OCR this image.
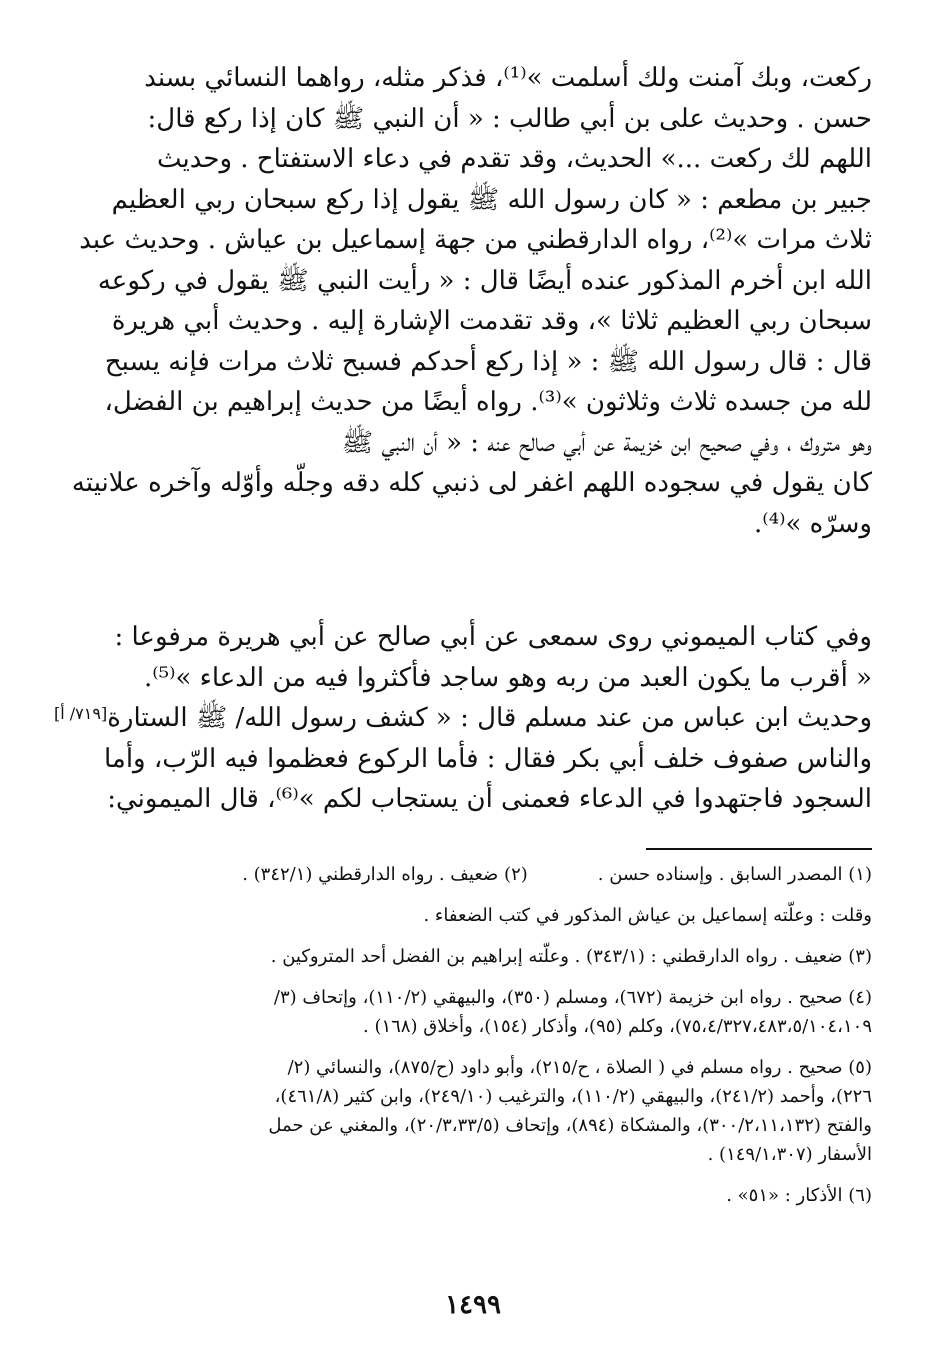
ركعت، وبك آمنت ولك أسلمت »⁽¹⁾، فذكر مثله، رواهما النسائي بسند
حسن . وحديث على بن أبي طالب : « أن النبي ﷺ كان إذا ركع قال:
اللهم لك ركعت ...» الحديث، وقد تقدم في دعاء الاستفتاح . وحديث
جبير بن مطعم : « كان رسول الله ﷺ يقول إذا ركع سبحان ربي العظيم
ثلاث مرات »⁽²⁾، رواه الدارقطني من جهة إسماعيل بن عياش . وحديث عبد
الله ابن أخرم المذكور عنده أيضًا قال : « رأيت النبي ﷺ يقول في ركوعه
سبحان ربي العظيم ثلاثا »، وقد تقدمت الإشارة إليه . وحديث أبي هريرة
قال : قال رسول الله ﷺ : « إذا ركع أحدكم فسبح ثلاث مرات فإنه يسبح
لله من جسده ثلاث وثلاثون »⁽³⁾. رواه أيضًا من حديث إبراهيم بن الفضل،
وهو متروك ، وفي صحيح ابن خزيمة عن أبي صالح عنه : « أن النبي ﷺ
كان يقول في سجوده اللهم اغفر لى ذنبي كله دقه وجلّه وأوّله وآخره علانيته
وسرّه »⁽⁴⁾.
وفي كتاب الميموني روى سمعى عن أبي صالح عن أبي هريرة مرفوعا :
« أقرب ما يكون العبد من ربه وهو ساجد فأكثروا فيه من الدعاء »⁽⁵⁾.
وحديث ابن عباس من عند مسلم قال : « كشف رسول الله/ ﷺ الستارة
والناس صفوف خلف أبي بكر فقال : فأما الركوع فعظموا فيه الرّب، وأما
السجود فاجتهدوا في الدعاء فعمنى أن يستجاب لكم »⁽⁶⁾، قال الميموني:
[٧١٩/ أ]
(١) المصدر السابق . وإسناده حسن .
(٢) ضعيف . رواه الدارقطني (٣٤٢/١) .
وقلت : وعلّته إسماعيل بن عياش المذكور في كتب الضعفاء .
(٣) ضعيف . رواه الدارقطني : (٣٤٣/١) . وعلّته إبراهيم بن الفضل أحد المتروكين .
(٤) صحيح . رواه ابن خزيمة (٦٧٢)، ومسلم (٣٥٠)، والبيهقي (١١٠/٢)، وإتحاف (٣/
٧٥،٤/٣٢٧،٤٨٣،٥/١٠٤،١٠٩)، وكلم (٩٥)، وأذكار (١٥٤)، وأخلاق (١٦٨) .
(٥) صحيح . رواه مسلم في ( الصلاة ، ح/٢١٥)، وأبو داود (ح/٨٧٥)، والنسائي (٢/
٢٢٦)، وأحمد (٢٤١/٢)، والبيهقي (١١٠/٢)، والترغيب (٢٤٩/١٠)، وابن كثير (٤٦١/٨)،
والفتح (٣٠٠/٢،١١،١٣٢)، والمشكاة (٨٩٤)، وإتحاف (٢٠/٣،٣٣/٥)، والمغني عن حمل
الأسفار (١٤٩/١،٣٠٧) .
(٦) الأذكار : «٥١» .
١٤٩٩
